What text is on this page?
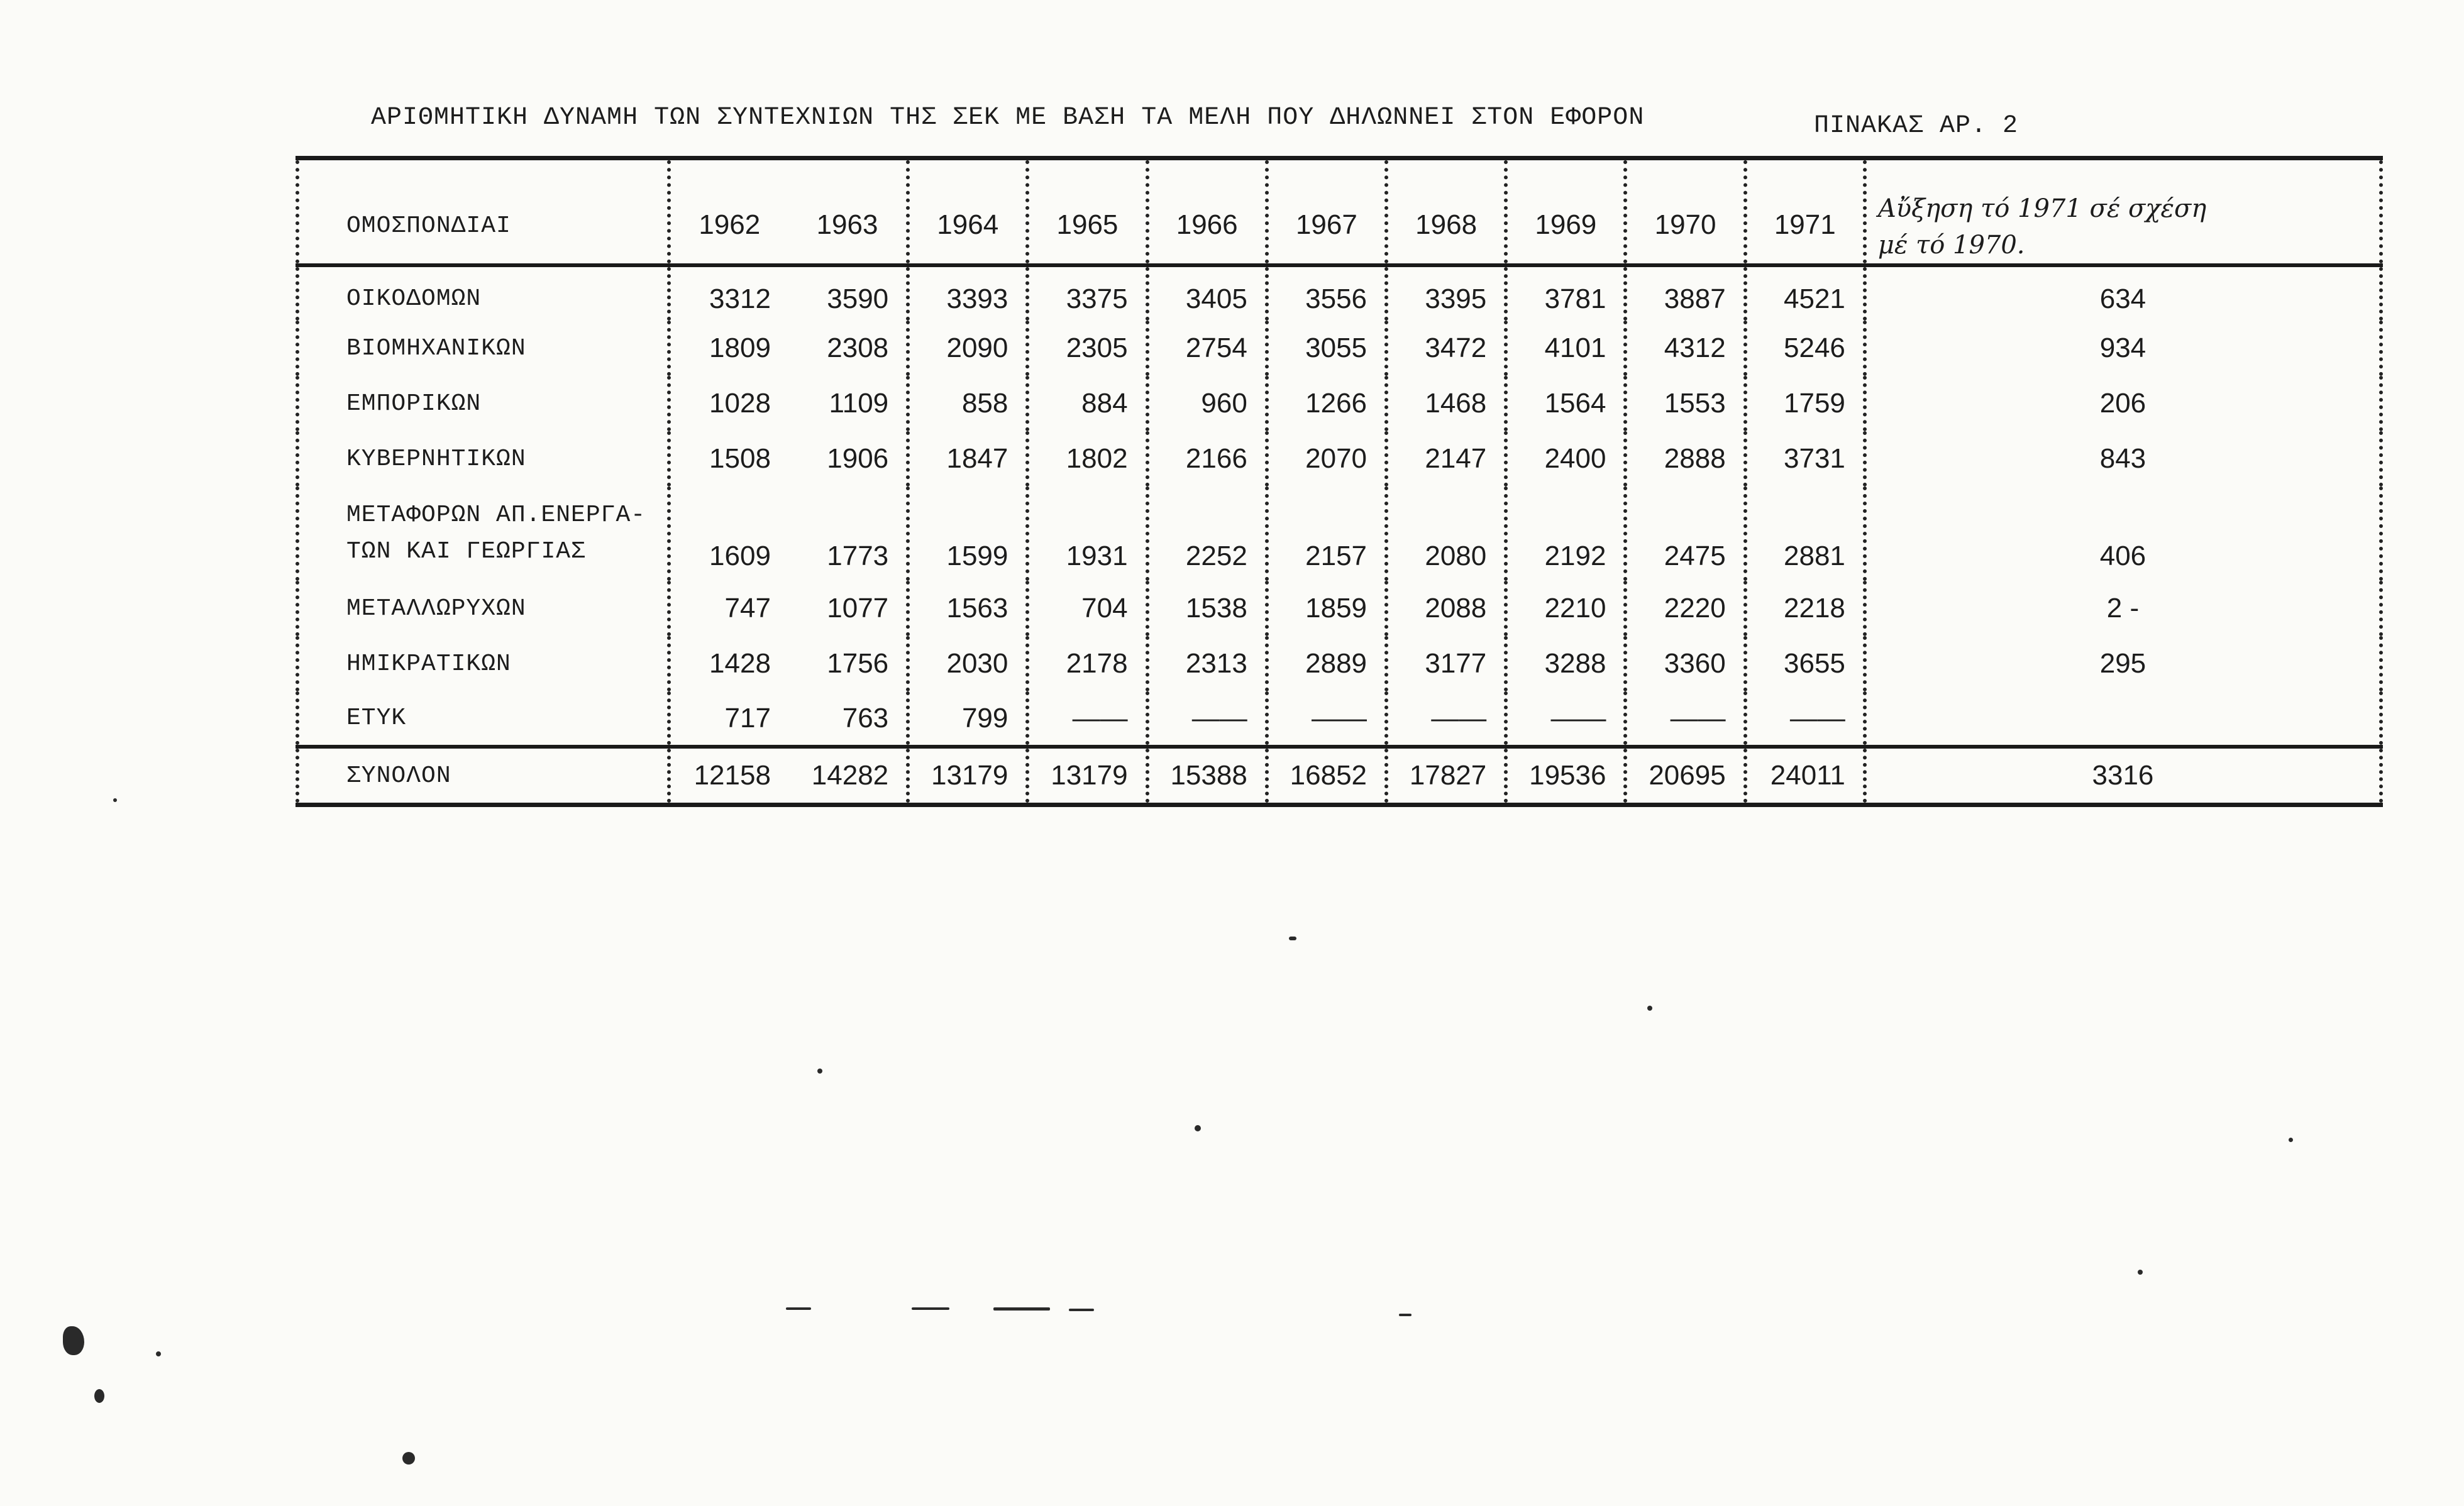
ΑΡΙΘΜΗΤΙΚΗ ΔΥΝΑΜΗ ΤΩΝ ΣΥΝΤΕΧΝΙΩΝ ΤΗΣ ΣΕΚ ΜΕ ΒΑΣΗ ΤΑ ΜΕΛΗ ΠΟΥ ΔΗΛΩΝΝΕΙ ΣΤΟΝ ΕΦΟΡΟΝ	ΠΙΝΑΚΑΣ ΑΡ. 2
ΟΜΟΣΠΟΝΔΙΑΙ	1962	1963	1964	1965	1966	1967	1968	1969	1970	1971	Αὔξηση τό 1971 σέ σχέση
μέ τό 1970.
ΟΙΚΟΔΟΜΩΝ	3312	3590	3393	3375	3405	3556	3395	3781	3887	4521	634
ΒΙΟΜΗΧΑΝΙΚΩΝ	1809	2308	2090	2305	2754	3055	3472	4101	4312	5246	934
ΕΜΠΟΡΙΚΩΝ	1028	1109	858	884	960	1266	1468	1564	1553	1759	206
ΚΥΒΕΡΝΗΤΙΚΩΝ	1508	1906	1847	1802	2166	2070	2147	2400	2888	3731	843

ΜΕΤΑΦΟΡΩΝ ΑΠ.ΕΝΕΡΓΑ-
ΤΩΝ ΚΑΙ ΓΕΩΡΓΙΑΣ	1609	1773	1599	1931	2252	2157	2080	2192	2475	2881	406
ΜΕΤΑΛΛΩΡΥΧΩΝ	747	1077	1563	704	1538	1859	2088	2210	2220	2218	2 -
ΗΜΙΚΡΑΤΙΚΩΝ	1428	1756	2030	2178	2313	2889	3177	3288	3360	3655	295
ΕΤΥΚ	717	763	799	——	——	——	——	——	——	——	
ΣΥΝΟΛΟΝ	12158	14282	13179	13179	15388	16852	17827	19536	20695	24011	3316
